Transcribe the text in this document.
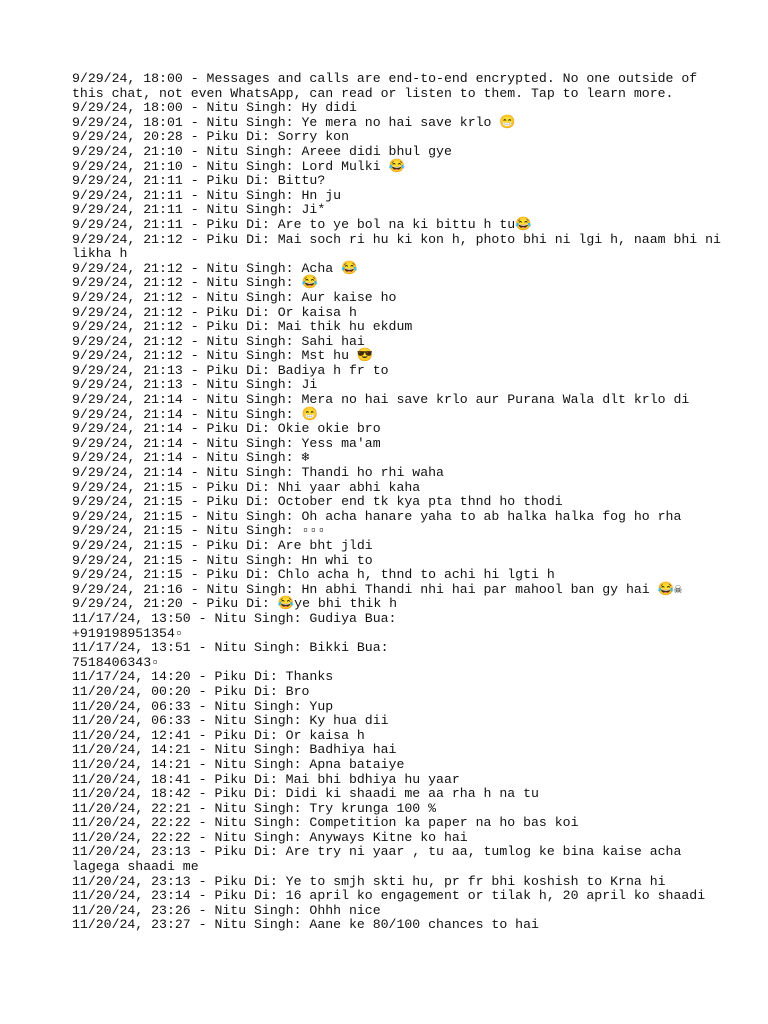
9/29/24, 18:00 - Messages and calls are end-to-end encrypted. No one outside of
this chat, not even WhatsApp, can read or listen to them. Tap to learn more.
9/29/24, 18:00 - Nitu Singh: Hy didi
9/29/24, 18:01 - Nitu Singh: Ye mera no hai save krlo 😁
9/29/24, 20:28 - Piku Di: Sorry kon
9/29/24, 21:10 - Nitu Singh: Areee didi bhul gye
9/29/24, 21:10 - Nitu Singh: Lord Mulki 😂
9/29/24, 21:11 - Piku Di: Bittu?
9/29/24, 21:11 - Nitu Singh: Hn ju
9/29/24, 21:11 - Nitu Singh: Ji*
9/29/24, 21:11 - Piku Di: Are to ye bol na ki bittu h tu😂
9/29/24, 21:12 - Piku Di: Mai soch ri hu ki kon h, photo bhi ni lgi h, naam bhi ni
likha h
9/29/24, 21:12 - Nitu Singh: Acha 😂
9/29/24, 21:12 - Nitu Singh: 😂
9/29/24, 21:12 - Nitu Singh: Aur kaise ho
9/29/24, 21:12 - Piku Di: Or kaisa h
9/29/24, 21:12 - Piku Di: Mai thik hu ekdum
9/29/24, 21:12 - Nitu Singh: Sahi hai
9/29/24, 21:12 - Nitu Singh: Mst hu 😎
9/29/24, 21:13 - Piku Di: Badiya h fr to
9/29/24, 21:13 - Nitu Singh: Ji
9/29/24, 21:14 - Nitu Singh: Mera no hai save krlo aur Purana Wala dlt krlo di
9/29/24, 21:14 - Nitu Singh: 😁
9/29/24, 21:14 - Piku Di: Okie okie bro
9/29/24, 21:14 - Nitu Singh: Yess ma'am
9/29/24, 21:14 - Nitu Singh: ❄
9/29/24, 21:14 - Nitu Singh: Thandi ho rhi waha
9/29/24, 21:15 - Piku Di: Nhi yaar abhi kaha
9/29/24, 21:15 - Piku Di: October end tk kya pta thnd ho thodi
9/29/24, 21:15 - Nitu Singh: Oh acha hanare yaha to ab halka halka fog ho rha
9/29/24, 21:15 - Nitu Singh: ▫▫▫
9/29/24, 21:15 - Piku Di: Are bht jldi
9/29/24, 21:15 - Nitu Singh: Hn whi to
9/29/24, 21:15 - Piku Di: Chlo acha h, thnd to achi hi lgti h
9/29/24, 21:16 - Nitu Singh: Hn abhi Thandi nhi hai par mahool ban gy hai 😂☠
9/29/24, 21:20 - Piku Di: 😂ye bhi thik h
11/17/24, 13:50 - Nitu Singh: Gudiya Bua:
+919198951354▫
11/17/24, 13:51 - Nitu Singh: Bikki Bua:
7518406343▫
11/17/24, 14:20 - Piku Di: Thanks
11/20/24, 00:20 - Piku Di: Bro
11/20/24, 06:33 - Nitu Singh: Yup
11/20/24, 06:33 - Nitu Singh: Ky hua dii
11/20/24, 12:41 - Piku Di: Or kaisa h
11/20/24, 14:21 - Nitu Singh: Badhiya hai
11/20/24, 14:21 - Nitu Singh: Apna bataiye
11/20/24, 18:41 - Piku Di: Mai bhi bdhiya hu yaar
11/20/24, 18:42 - Piku Di: Didi ki shaadi me aa rha h na tu
11/20/24, 22:21 - Nitu Singh: Try krunga 100 %
11/20/24, 22:22 - Nitu Singh: Competition ka paper na ho bas koi
11/20/24, 22:22 - Nitu Singh: Anyways Kitne ko hai
11/20/24, 23:13 - Piku Di: Are try ni yaar , tu aa, tumlog ke bina kaise acha
lagega shaadi me
11/20/24, 23:13 - Piku Di: Ye to smjh skti hu, pr fr bhi koshish to Krna hi
11/20/24, 23:14 - Piku Di: 16 april ko engagement or tilak h, 20 april ko shaadi
11/20/24, 23:26 - Nitu Singh: Ohhh nice
11/20/24, 23:27 - Nitu Singh: Aane ke 80/100 chances to hai
